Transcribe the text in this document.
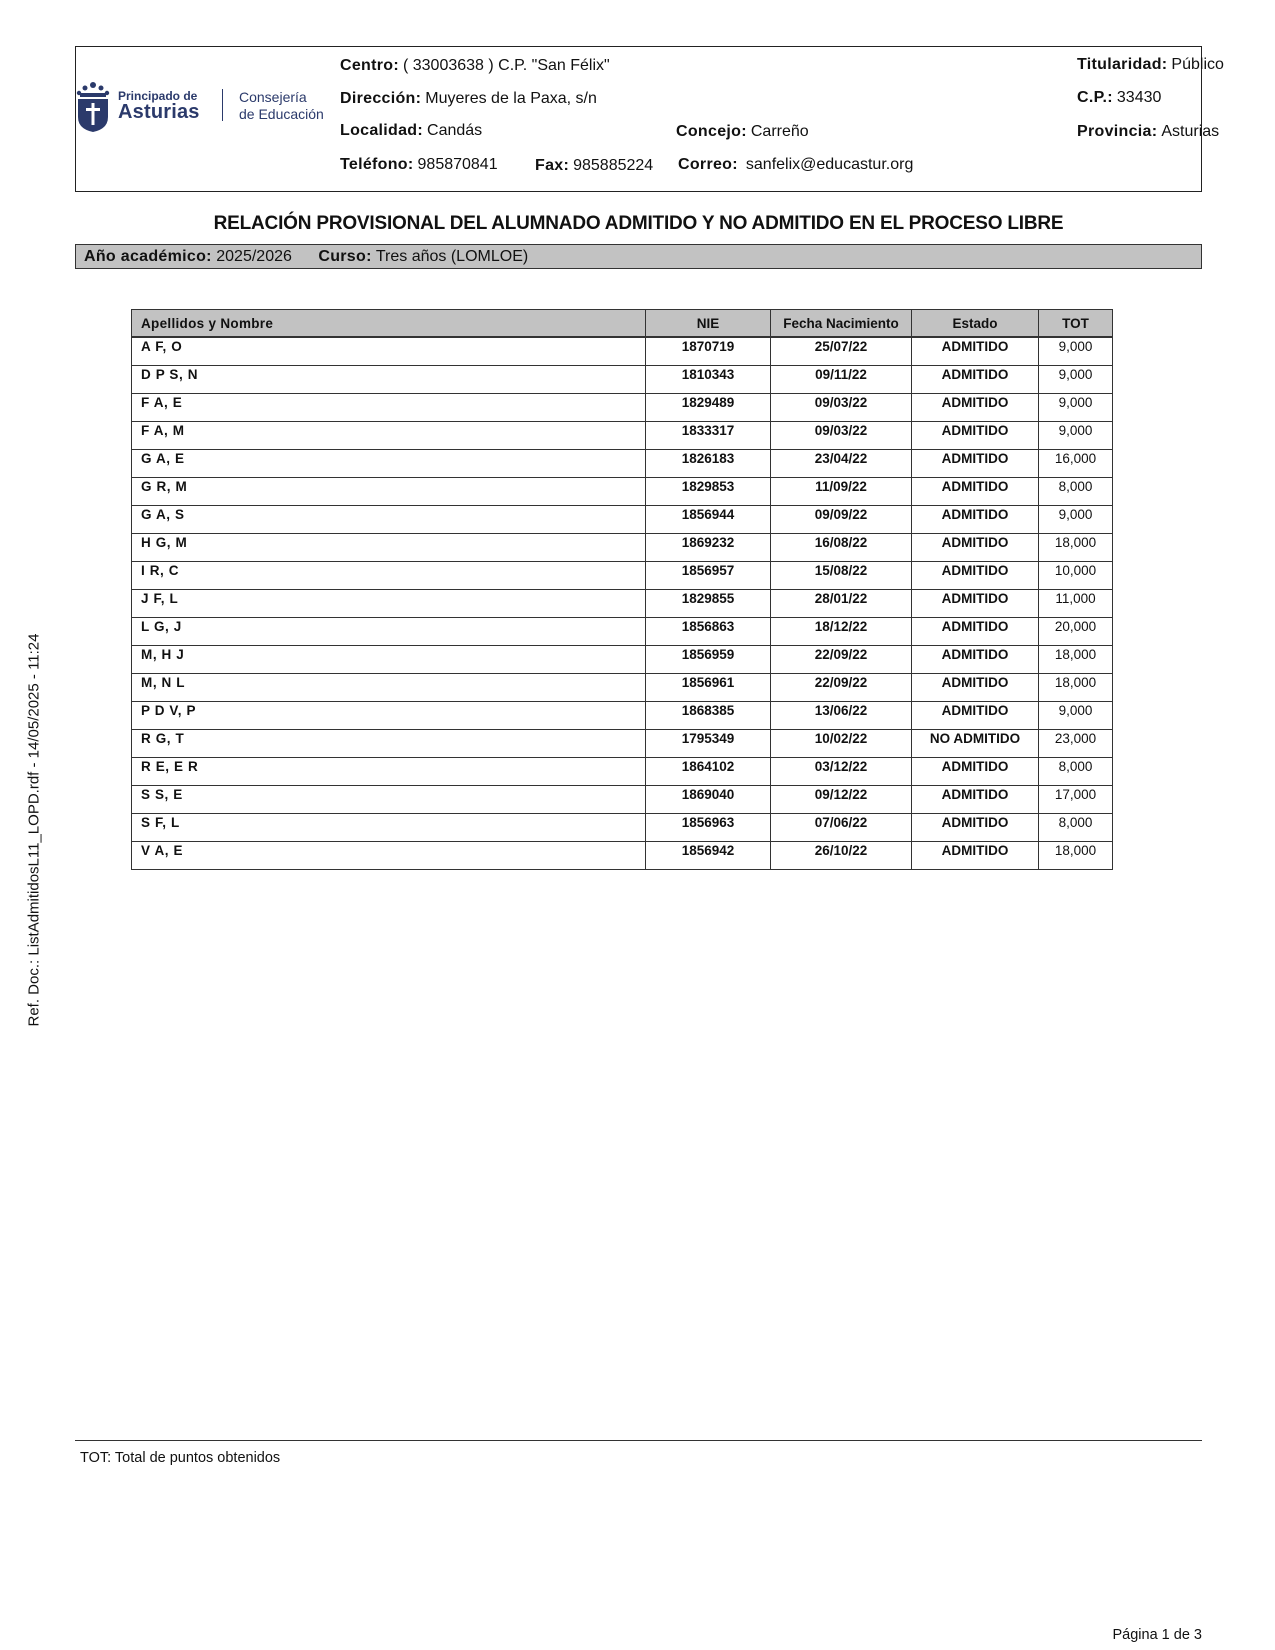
Principado de
Asturias
Consejería
de Educación
Centro: ( 33003638 ) C.P. "San Félix"	Titularidad: Público
Dirección: Muyeres de la Paxa, s/n	C.P.: 33430
Localidad: Candás	Concejo: Carreño	Provincia: Asturias
Teléfono: 985870841 Fax: 985885224 Correo: sanfelix@educastur.org
RELACIÓN PROVISIONAL DEL ALUMNADO ADMITIDO Y NO ADMITIDO EN EL PROCESO LIBRE
Año académico: 2025/2026 Curso: Tres años (LOMLOE)
Apellidos y Nombre	NIE	Fecha Nacimiento	Estado	TOT
A F, O	1870719	25/07/22	ADMITIDO	9,000
D P S, N	1810343	09/11/22	ADMITIDO	9,000
F A, E	1829489	09/03/22	ADMITIDO	9,000
F A, M	1833317	09/03/22	ADMITIDO	9,000
G A, E	1826183	23/04/22	ADMITIDO	16,000
G R, M	1829853	11/09/22	ADMITIDO	8,000
G A, S	1856944	09/09/22	ADMITIDO	9,000
H G, M	1869232	16/08/22	ADMITIDO	18,000
I R, C	1856957	15/08/22	ADMITIDO	10,000
J F, L	1829855	28/01/22	ADMITIDO	11,000
L G, J	1856863	18/12/22	ADMITIDO	20,000
M, H J	1856959	22/09/22	ADMITIDO	18,000
M, N L	1856961	22/09/22	ADMITIDO	18,000
P D V, P	1868385	13/06/22	ADMITIDO	9,000
R G, T	1795349	10/02/22	NO ADMITIDO	23,000
R E, E R	1864102	03/12/22	ADMITIDO	8,000
S S, E	1869040	09/12/22	ADMITIDO	17,000
S F, L	1856963	07/06/22	ADMITIDO	8,000
V A, E	1856942	26/10/22	ADMITIDO	18,000
Ref. Doc.: ListAdmitidosL11_LOPD.rdf - 14/05/2025 - 11:24
TOT: Total de puntos obtenidos
Página 1 de 3
